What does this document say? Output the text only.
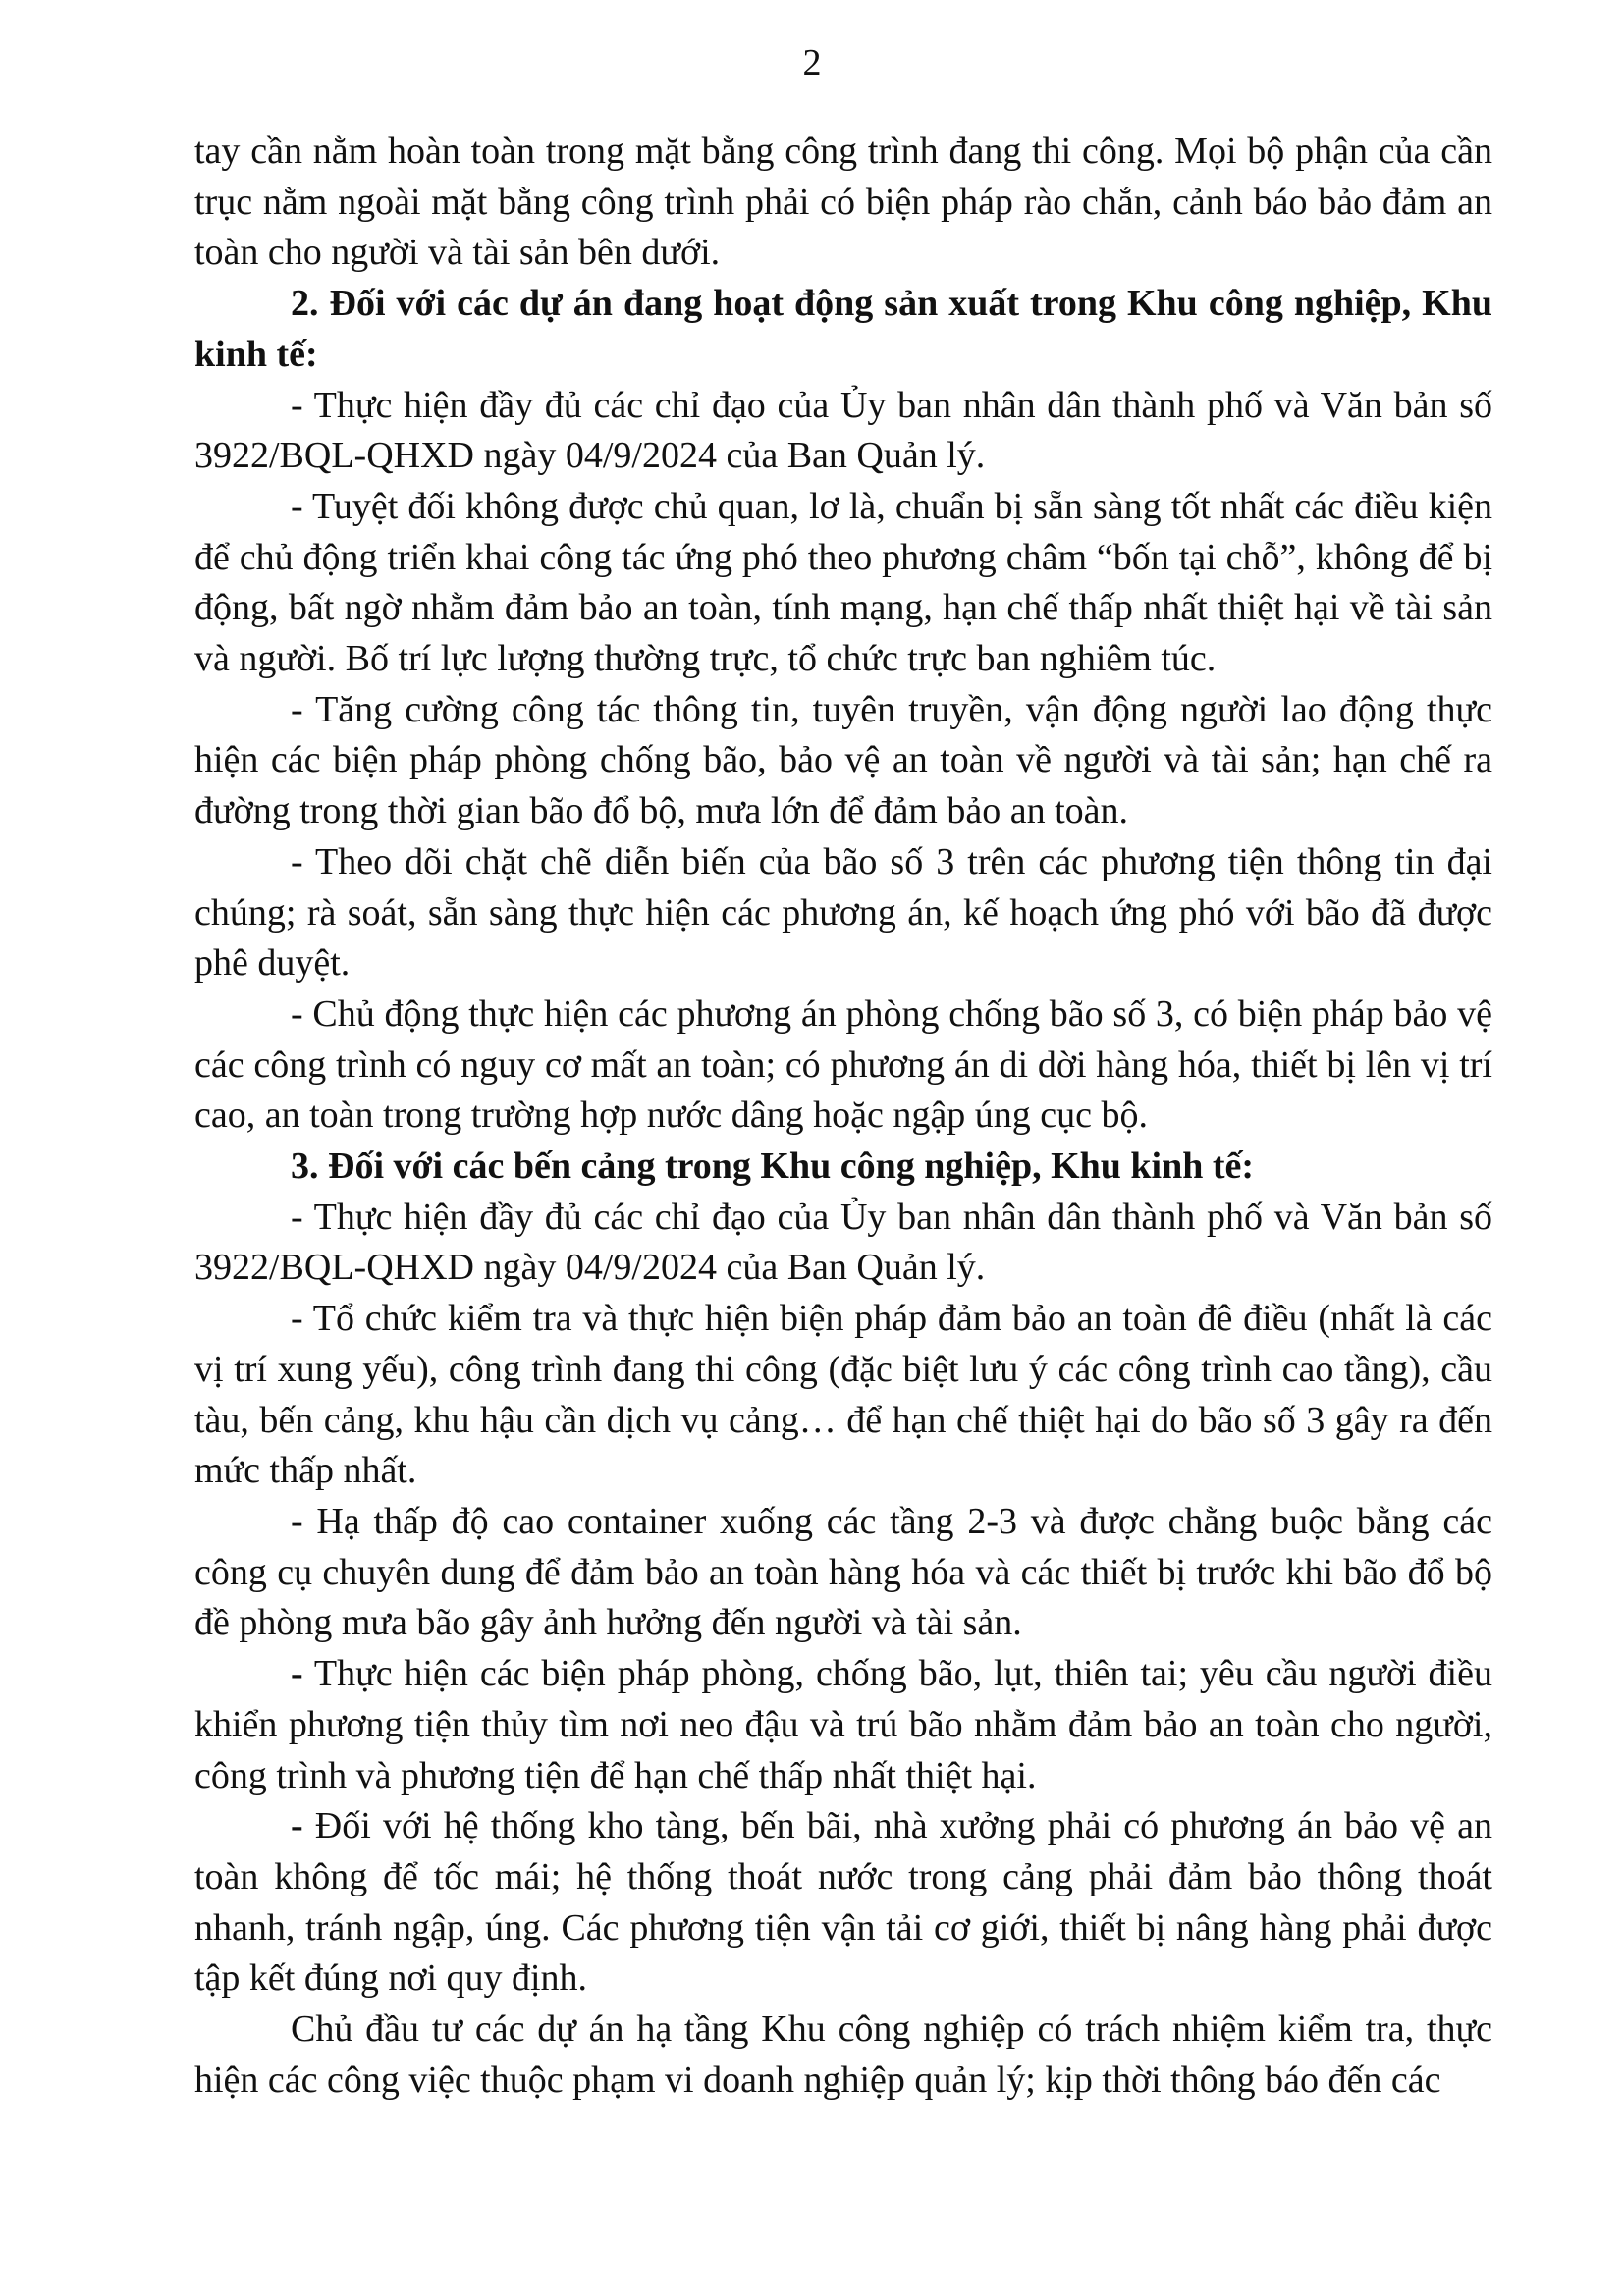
2

tay cần nằm hoàn toàn trong mặt bằng công trình đang thi công. Mọi bộ phận của cần trục nằm ngoài mặt bằng công trình phải có biện pháp rào chắn, cảnh báo bảo đảm an toàn cho người và tài sản bên dưới.

2. Đối với các dự án đang hoạt động sản xuất trong Khu công nghiệp, Khu kinh tế:

- Thực hiện đầy đủ các chỉ đạo của Ủy ban nhân dân thành phố và Văn bản số 3922/BQL-QHXD ngày 04/9/2024 của Ban Quản lý.

- Tuyệt đối không được chủ quan, lơ là, chuẩn bị sẵn sàng tốt nhất các điều kiện để chủ động triển khai công tác ứng phó theo phương châm “bốn tại chỗ”, không để bị động, bất ngờ nhằm đảm bảo an toàn, tính mạng, hạn chế thấp nhất thiệt hại về tài sản và người. Bố trí lực lượng thường trực, tổ chức trực ban nghiêm túc.

- Tăng cường công tác thông tin, tuyên truyền, vận động người lao động thực hiện các biện pháp phòng chống bão, bảo vệ an toàn về người và tài sản; hạn chế ra đường trong thời gian bão đổ bộ, mưa lớn để đảm bảo an toàn.

- Theo dõi chặt chẽ diễn biến của bão số 3 trên các phương tiện thông tin đại chúng; rà soát, sẵn sàng thực hiện các phương án, kế hoạch ứng phó với bão đã được phê duyệt.

- Chủ động thực hiện các phương án phòng chống bão số 3, có biện pháp bảo vệ các công trình có nguy cơ mất an toàn; có phương án di dời hàng hóa, thiết bị lên vị trí cao, an toàn trong trường hợp nước dâng hoặc ngập úng cục bộ.

3. Đối với các bến cảng trong Khu công nghiệp, Khu kinh tế:

- Thực hiện đầy đủ các chỉ đạo của Ủy ban nhân dân thành phố và Văn bản số 3922/BQL-QHXD ngày 04/9/2024 của Ban Quản lý.

- Tổ chức kiểm tra và thực hiện biện pháp đảm bảo an toàn đê điều (nhất là các vị trí xung yếu), công trình đang thi công (đặc biệt lưu ý các công trình cao tầng), cầu tàu, bến cảng, khu hậu cần dịch vụ cảng… để hạn chế thiệt hại do bão số 3 gây ra đến mức thấp nhất.

- Hạ thấp độ cao container xuống các tầng 2-3 và được chằng buộc bằng các công cụ chuyên dung để đảm bảo an toàn hàng hóa và các thiết bị trước khi bão đổ bộ đề phòng mưa bão gây ảnh hưởng đến người và tài sản.

- Thực hiện các biện pháp phòng, chống bão, lụt, thiên tai; yêu cầu người điều khiển phương tiện thủy tìm nơi neo đậu và trú bão nhằm đảm bảo an toàn cho người, công trình và phương tiện để hạn chế thấp nhất thiệt hại.

- Đối với hệ thống kho tàng, bến bãi, nhà xưởng phải có phương án bảo vệ an toàn không để tốc mái; hệ thống thoát nước trong cảng phải đảm bảo thông thoát nhanh, tránh ngập, úng. Các phương tiện vận tải cơ giới, thiết bị nâng hàng phải được tập kết đúng nơi quy định.

Chủ đầu tư các dự án hạ tầng Khu công nghiệp có trách nhiệm kiểm tra, thực hiện các công việc thuộc phạm vi doanh nghiệp quản lý; kịp thời thông báo đến các
